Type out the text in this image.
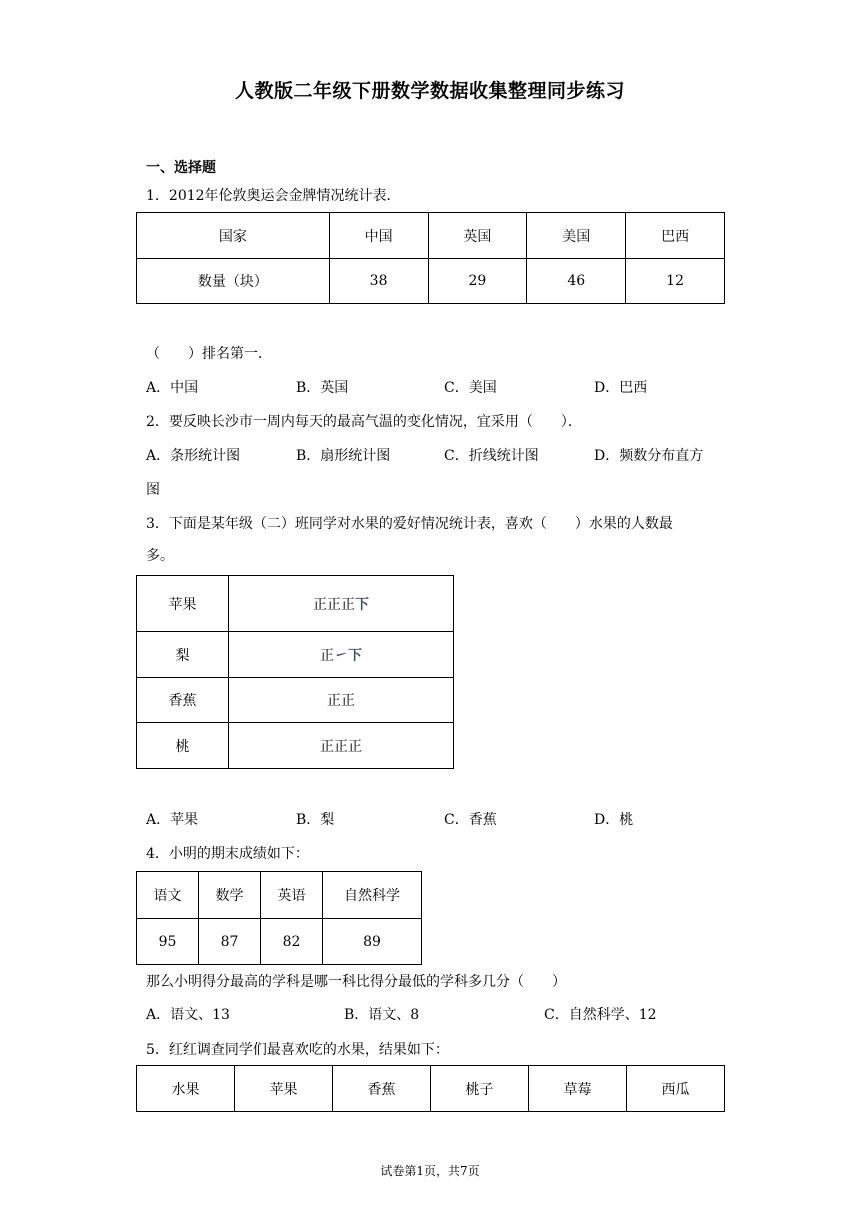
人教版二年级下册数学数据收集整理同步练习
一、选择题
1．2012年伦敦奥运会金牌情况统计表．
国家	中国	英国	美国	巴西
数量（块）	38	29	46	12
（　　）排名第一．
A．中国	B．英国	C．美国	D．巴西
2．要反映长沙市一周内每天的最高气温的变化情况，宜采用（　　）．
A．条形统计图	B．扇形统计图	C．折线统计图	D．频数分布直方
图
3．下面是某年级（二）班同学对水果的爱好情况统计表，喜欢（　　）水果的人数最
多。
苹果	正正正下
梨	正㇀下
香蕉	正正
桃	正正正
A．苹果	B．梨	C．香蕉	D．桃
4．小明的期末成绩如下：
语文	数学	英语	自然科学
95	87	82	89
那么小明得分最高的学科是哪一科比得分最低的学科多几分（　　）
A．语文、13	B．语文、8	C．自然科学、12
5．红红调查同学们最喜欢吃的水果，结果如下：
水果	苹果	香蕉	桃子	草莓	西瓜
试卷第1页，共7页
